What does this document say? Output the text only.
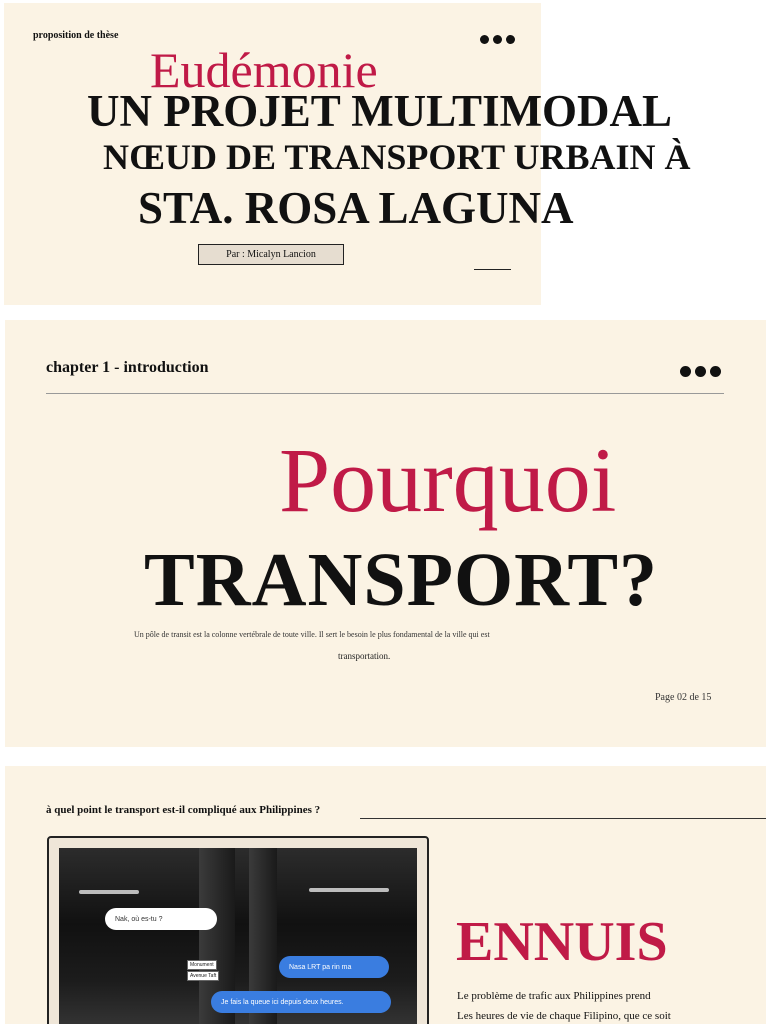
proposition de thèse
Eudémonie
UN PROJET MULTIMODAL
NŒUD DE TRANSPORT URBAIN À
STA. ROSA LAGUNA
Par : Micalyn Lancion
chapter 1 - introduction
Pourquoi
TRANSPORT?
Un pôle de transit est la colonne vertébrale de toute ville. Il sert le besoin le plus fondamental de la ville qui est
transportation.
Page 02 de 15
à quel point le transport est-il compliqué aux Philippines ?
Nak, où es-tu ?
Monument
Avenue Taft
Nasa LRT pa rin ma
Je fais la queue ici depuis deux heures.
ENNUIS
Le problème de trafic aux Philippines prend
Les heures de vie de chaque Filipino, que ce soit
